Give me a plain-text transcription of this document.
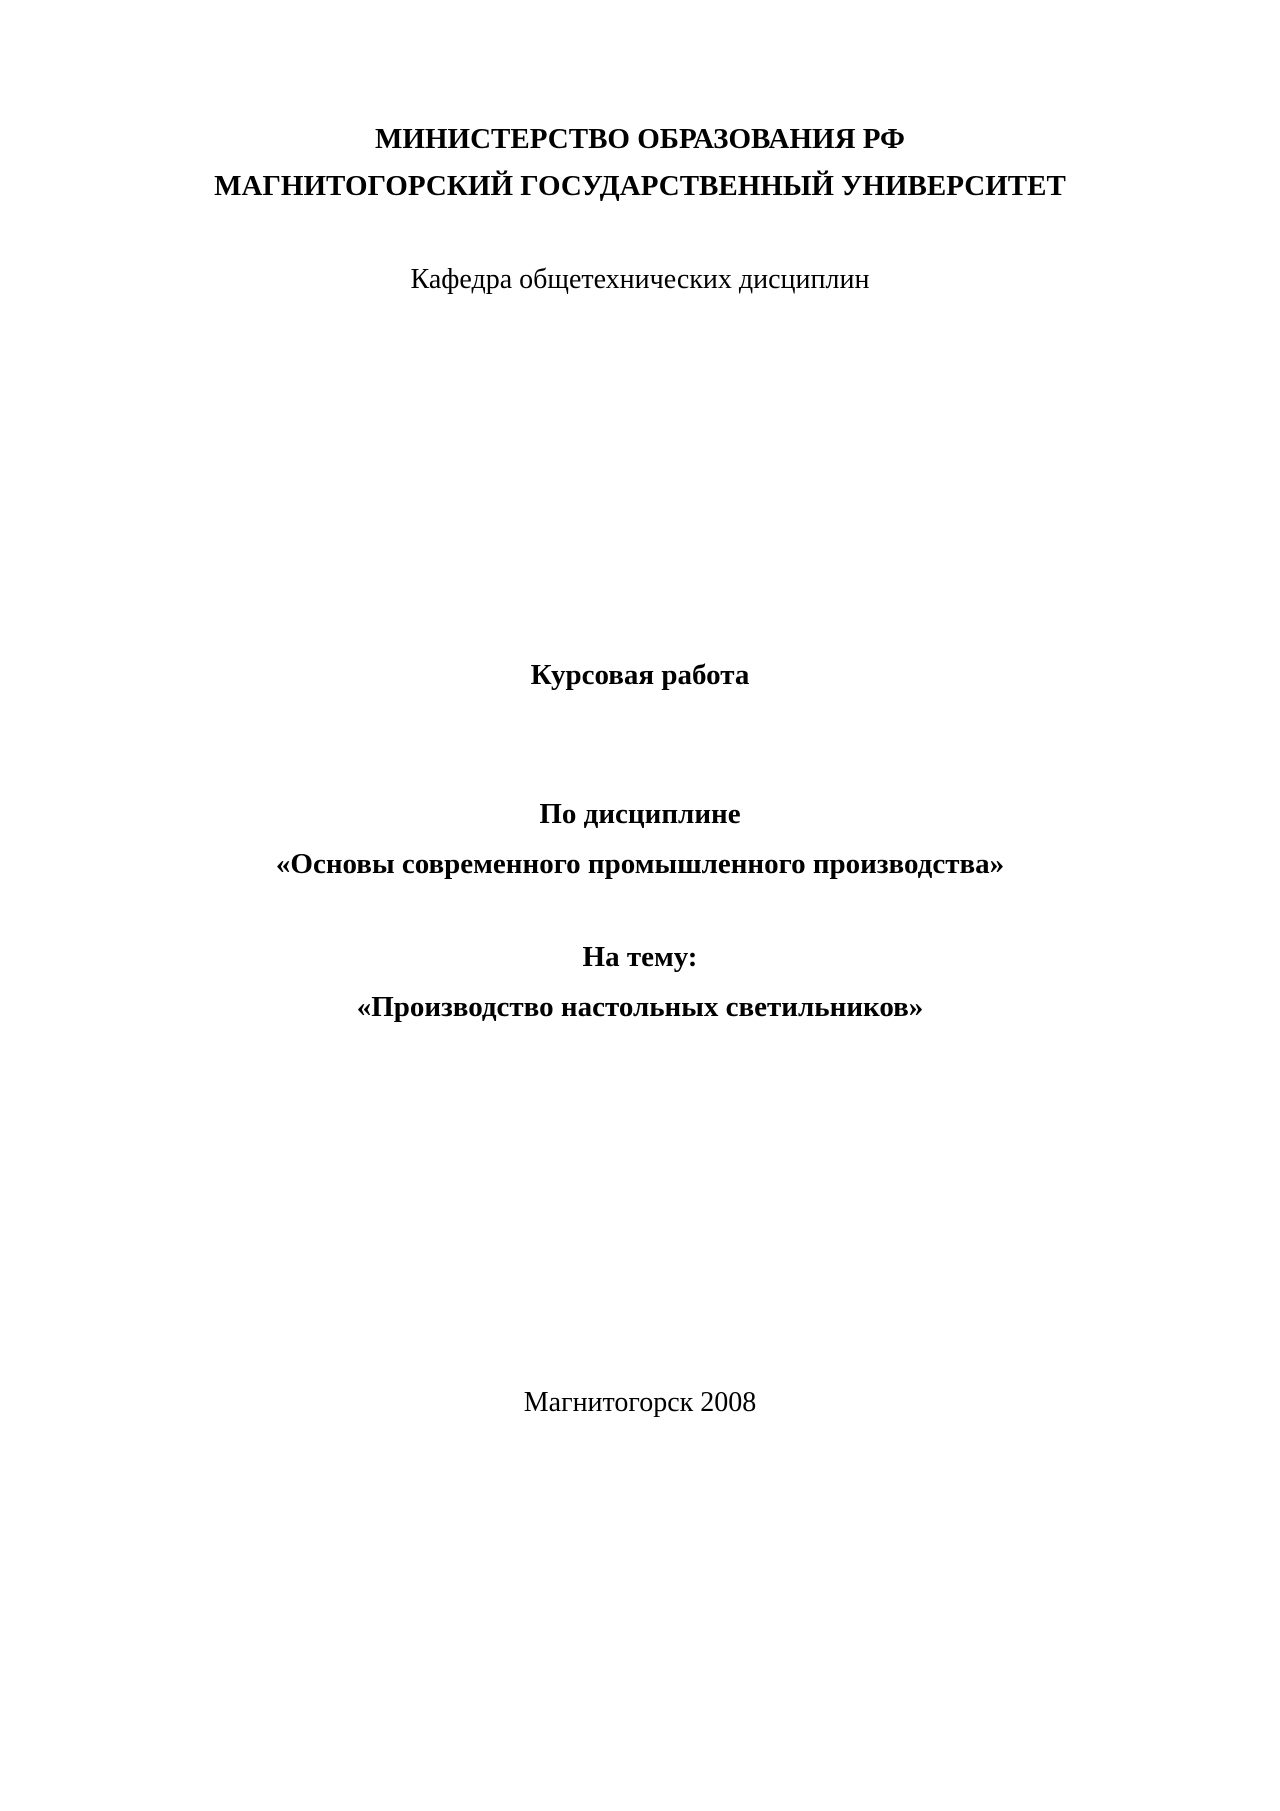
МИНИСТЕРСТВО ОБРАЗОВАНИЯ РФ
МАГНИТОГОРСКИЙ ГОСУДАРСТВЕННЫЙ УНИВЕРСИТЕТ
Кафедра общетехнических дисциплин
Курсовая работа
По дисциплине
«Основы современного промышленного производства»
На тему:
«Производство настольных светильников»
Магнитогорск 2008
